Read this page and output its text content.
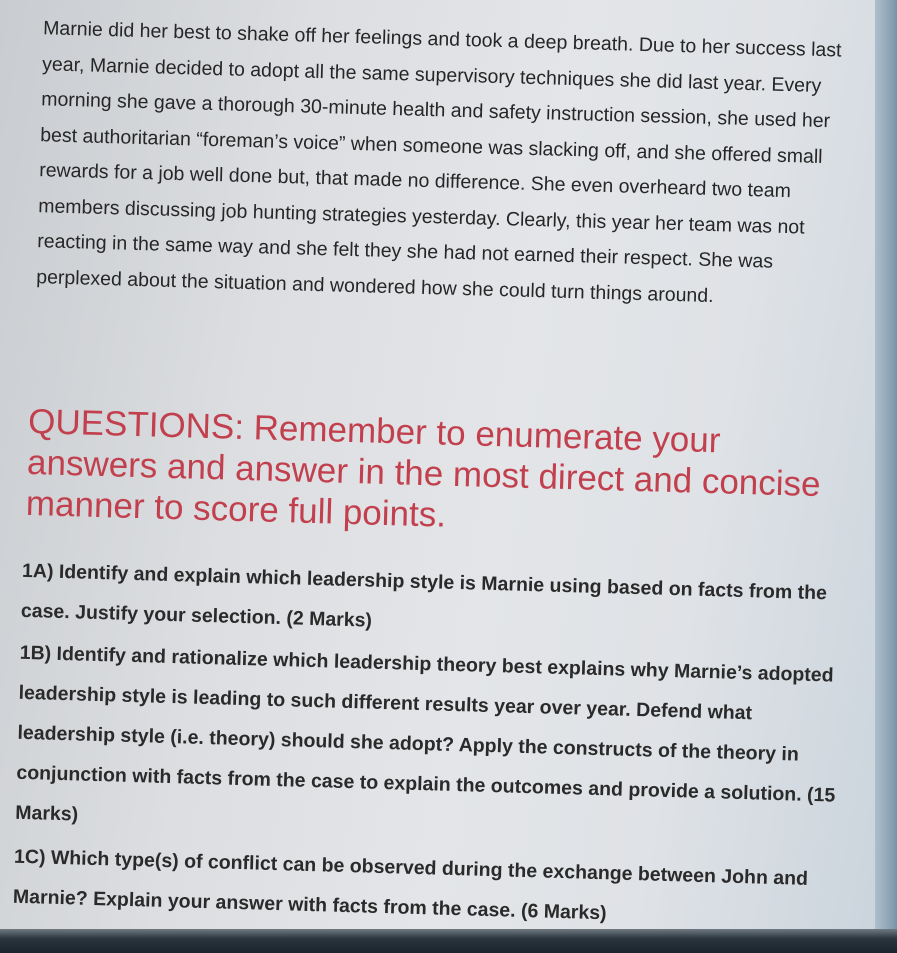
Marnie did her best to shake off her feelings and took a deep breath. Due to her success last year, Marnie decided to adopt all the same supervisory techniques she did last year. Every morning she gave a thorough 30-minute health and safety instruction session, she used her best authoritarian “foreman’s voice” when someone was slacking off, and she offered small rewards for a job well done but, that made no difference. She even overheard two team members discussing job hunting strategies yesterday. Clearly, this year her team was not reacting in the same way and she felt they she had not earned their respect. She was perplexed about the situation and wondered how she could turn things around.

QUESTIONS: Remember to enumerate your answers and answer in the most direct and concise manner to score full points.
1A) Identify and explain which leadership style is Marnie using based on facts from the case. Justify your selection. (2 Marks)
1B) Identify and rationalize which leadership theory best explains why Marnie’s adopted leadership style is leading to such different results year over year. Defend what leadership style (i.e. theory) should she adopt? Apply the constructs of the theory in conjunction with facts from the case to explain the outcomes and provide a solution. (15 Marks)
1C) Which type(s) of conflict can be observed during the exchange between John and Marnie? Explain your answer with facts from the case. (6 Marks)
